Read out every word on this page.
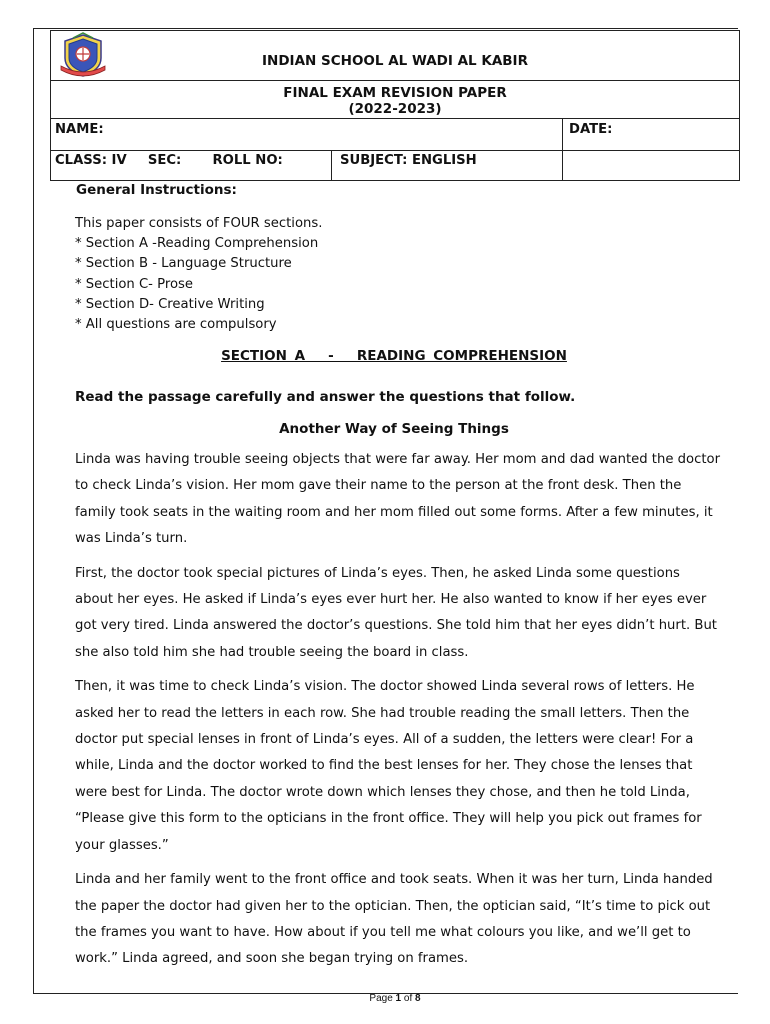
INDIAN SCHOOL AL WADI AL KABIR
FINAL EXAM REVISION PAPER
(2022-2023)
NAME:	DATE:
CLASS: IV SEC: ROLL NO:	SUBJECT: ENGLISH
General Instructions:
This paper consists of FOUR sections.
* Section A -Reading Comprehension
* Section B - Language Structure
* Section C- Prose
* Section D- Creative Writing
* All questions are compulsory
SECTION A   -   READING COMPREHENSION
Read the passage carefully and answer the questions that follow.
Another Way of Seeing Things

Linda was having trouble seeing objects that were far away. Her mom and dad wanted the doctor to check Linda’s vision. Her mom gave their name to the person at the front desk. Then the family took seats in the waiting room and her mom filled out some forms. After a few minutes, it was Linda’s turn.

First, the doctor took special pictures of Linda’s eyes. Then, he asked Linda some questions about her eyes. He asked if Linda’s eyes ever hurt her. He also wanted to know if her eyes ever got very tired. Linda answered the doctor’s questions. She told him that her eyes didn’t hurt. But she also told him she had trouble seeing the board in class.

Then, it was time to check Linda’s vision. The doctor showed Linda several rows of letters. He asked her to read the letters in each row. She had trouble reading the small letters. Then the doctor put special lenses in front of Linda’s eyes. All of a sudden, the letters were clear! For a while, Linda and the doctor worked to find the best lenses for her. They chose the lenses that were best for Linda. The doctor wrote down which lenses they chose, and then he told Linda, “Please give this form to the opticians in the front office. They will help you pick out frames for your glasses.”

Linda and her family went to the front office and took seats. When it was her turn, Linda handed the paper the doctor had given her to the optician. Then, the optician said, “It’s time to pick out the frames you want to have. How about if you tell me what colours you like, and we’ll get to work.” Linda agreed, and soon she began trying on frames.

Page 1 of 8
